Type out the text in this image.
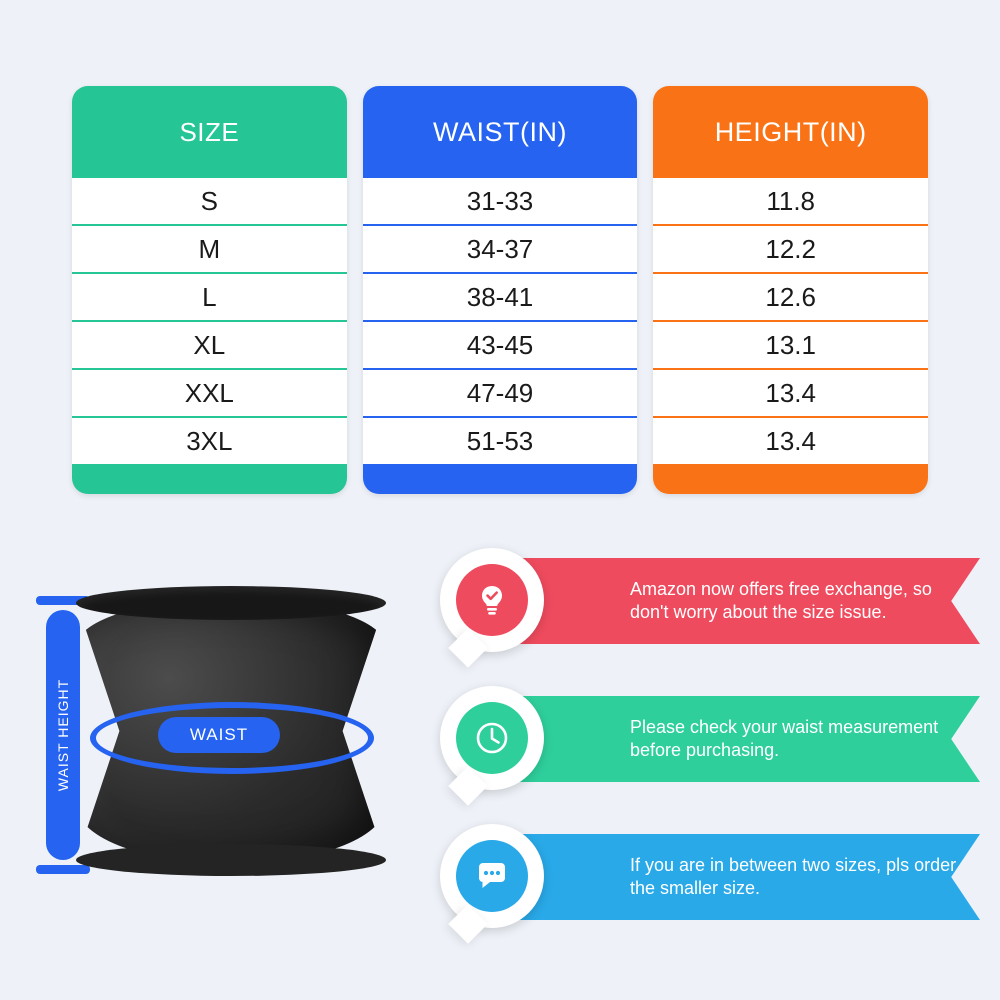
SIZE
S
M
L
XL
XXL
3XL
WAIST(IN)
31-33
34-37
38-41
43-45
47-49
51-53
HEIGHT(IN)
11.8
12.2
12.6
13.1
13.4
13.4
WAIST HEIGHT	WAIST
Amazon now offers free exchange, so don't worry about the size issue.
Please check your waist measurement before purchasing.
If you are in between two sizes, pls order the smaller size.
